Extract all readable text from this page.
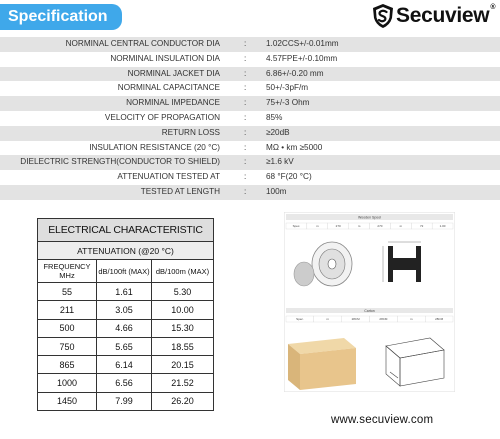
Specification	Secuview®
NORMINAL CENTRAL CONDUCTOR DIA	: 1.02CCS+/-0.01mm
NORMINAL INSULATION DIA	: 4.57FPE+/-0.10mm
NORMINAL JACKET DIA	: 6.86+/-0.20 mm
NORMINAL CAPACITANCE	: 50+/-3pF/m
NORMINAL IMPEDANCE	: 75+/-3 Ohm
VELOCITY OF PROPAGATION	: 85%
RETURN LOSS	: ≥20dB
INSULATION RESISTANCE (20 °C)	: MΩ • km ≥5000
DIELECTRIC STRENGTH(CONDUCTOR TO SHIELD)	: ≥1.6 kV
ATTENUATION TESTED AT	: 68 °F(20 °C)
TESTED AT LENGTH	: 100m
ELECTRICAL CHARACTERISTIC		
ATTENUATION (@20 °C)		
FREQUENCY MHz	dB/100ft (MAX)	dB/100m (MAX)
55	1.61	5.30
211	3.05	10.00
500	4.66	15.30
750	5.65	18.55
865	6.14	20.15
1000	6.56	21.52
1450	7.99	26.20
Wooden Spool
Spec.	m	270	m	270	m	72	1.00
Carton
Spec.	m	28CM	28CM	m	28CM
www.secuview.com
